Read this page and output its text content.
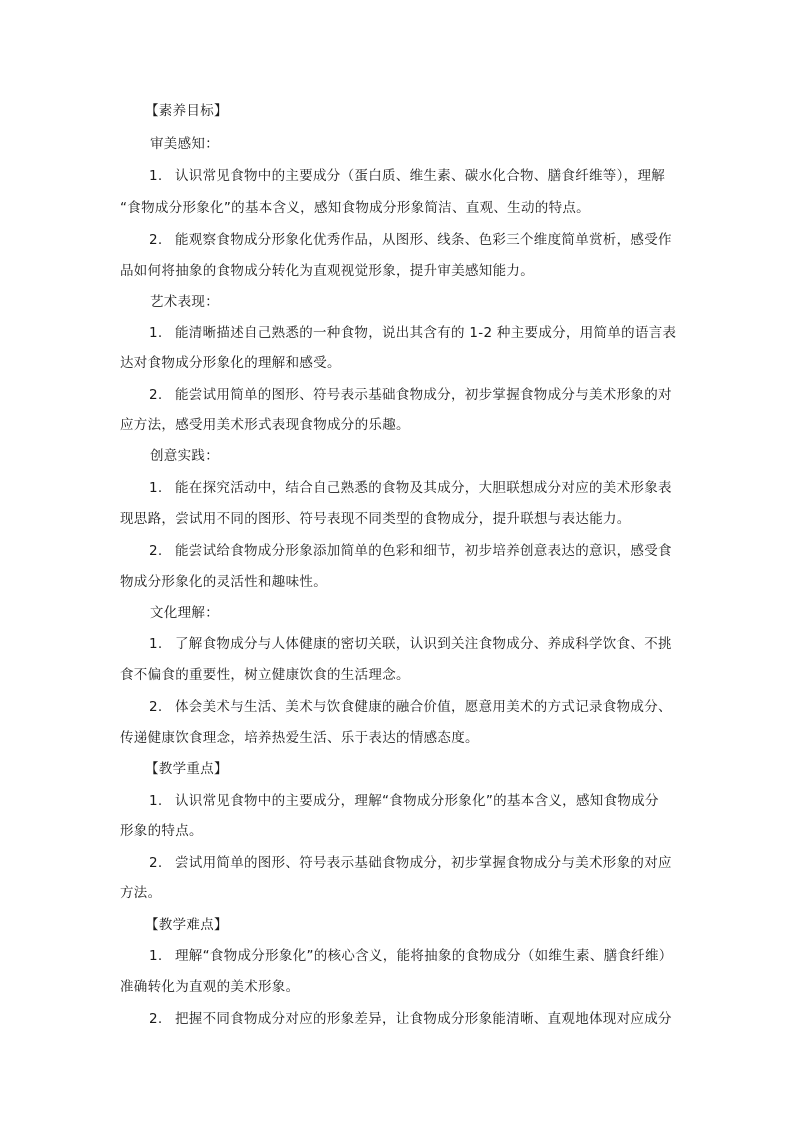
【素养目标】
审美感知：
1. 认识常见食物中的主要成分（蛋白质、维生素、碳水化合物、膳食纤维等），理解
“食物成分形象化”的基本含义，感知食物成分形象简洁、直观、生动的特点。
2. 能观察食物成分形象化优秀作品，从图形、线条、色彩三个维度简单赏析，感受作
品如何将抽象的食物成分转化为直观视觉形象，提升审美感知能力。
艺术表现：
1. 能清晰描述自己熟悉的一种食物，说出其含有的 1-2 种主要成分，用简单的语言表
达对食物成分形象化的理解和感受。
2. 能尝试用简单的图形、符号表示基础食物成分，初步掌握食物成分与美术形象的对
应方法，感受用美术形式表现食物成分的乐趣。
创意实践：
1. 能在探究活动中，结合自己熟悉的食物及其成分，大胆联想成分对应的美术形象表
现思路，尝试用不同的图形、符号表现不同类型的食物成分，提升联想与表达能力。
2. 能尝试给食物成分形象添加简单的色彩和细节，初步培养创意表达的意识，感受食
物成分形象化的灵活性和趣味性。
文化理解：
1. 了解食物成分与人体健康的密切关联，认识到关注食物成分、养成科学饮食、不挑
食不偏食的重要性，树立健康饮食的生活理念。
2. 体会美术与生活、美术与饮食健康的融合价值，愿意用美术的方式记录食物成分、
传递健康饮食理念，培养热爱生活、乐于表达的情感态度。
【教学重点】
1. 认识常见食物中的主要成分，理解“食物成分形象化”的基本含义，感知食物成分
形象的特点。
2. 尝试用简单的图形、符号表示基础食物成分，初步掌握食物成分与美术形象的对应
方法。
【教学难点】
1. 理解“食物成分形象化”的核心含义，能将抽象的食物成分（如维生素、膳食纤维）
准确转化为直观的美术形象。
2. 把握不同食物成分对应的形象差异，让食物成分形象能清晰、直观地体现对应成分
